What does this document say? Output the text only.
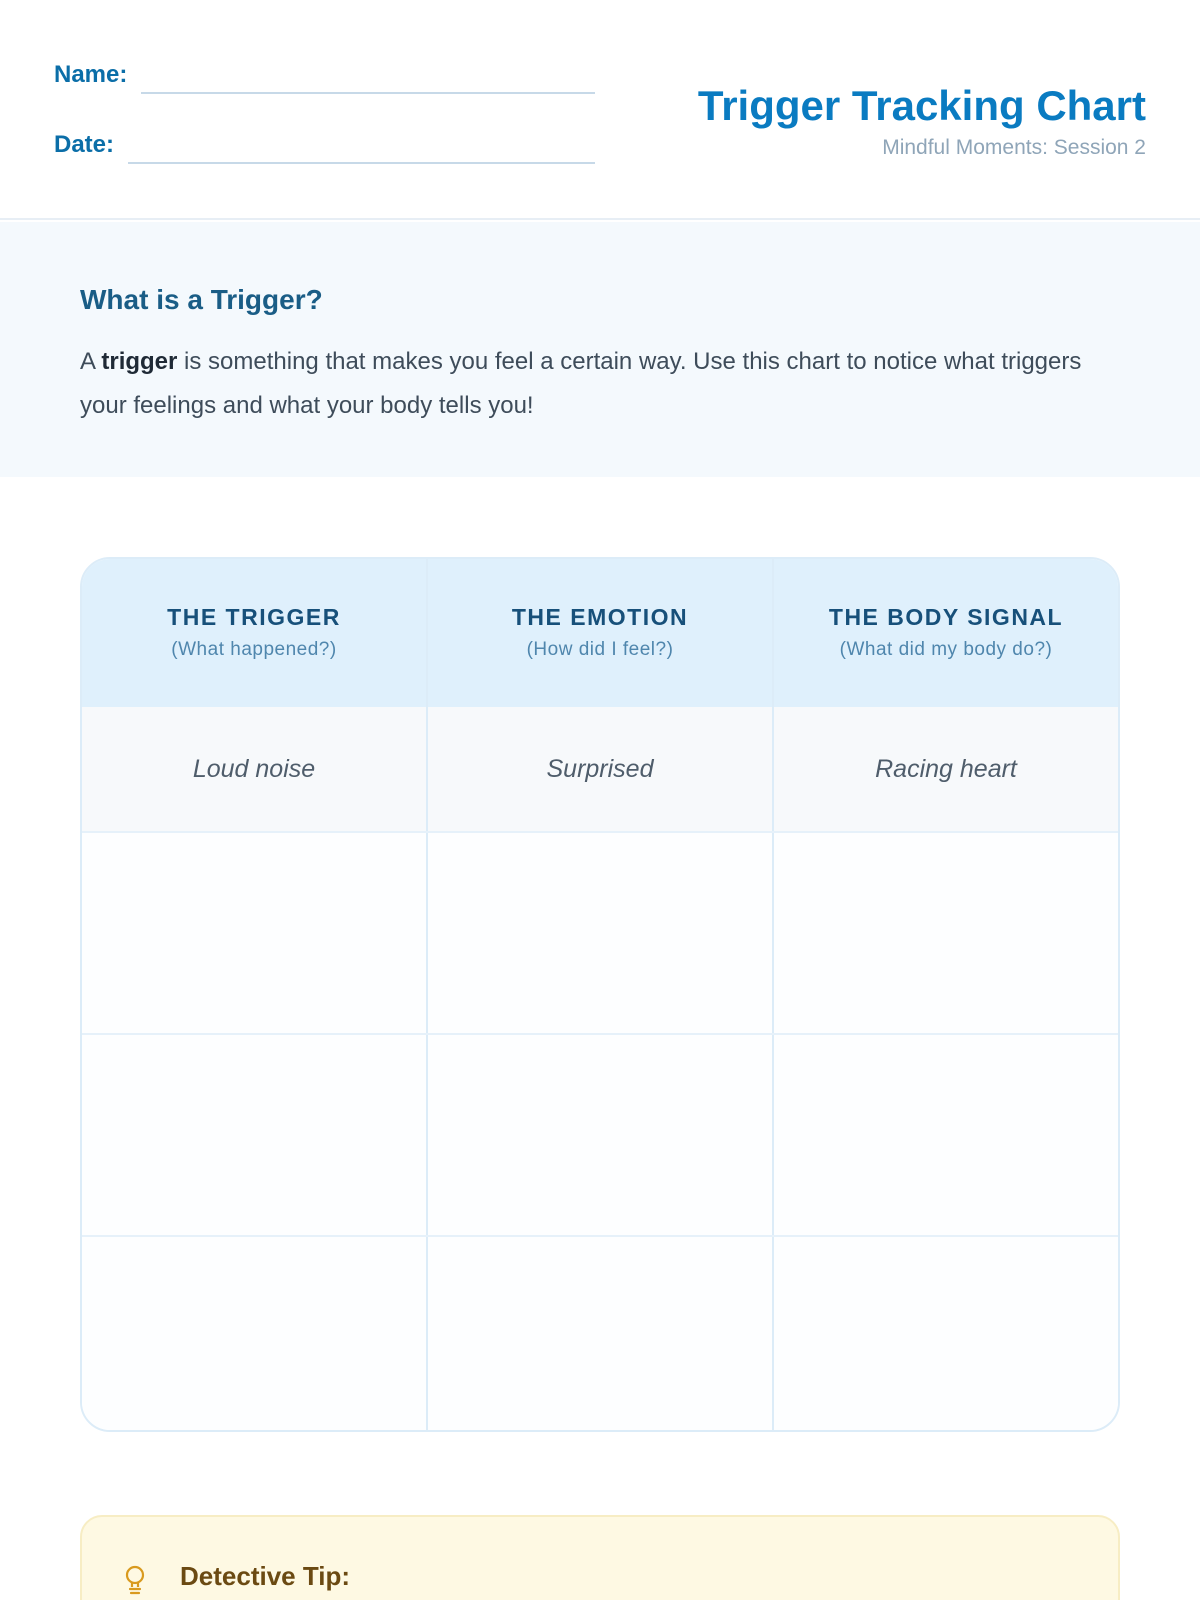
Name:
Date:
Trigger Tracking Chart
Mindful Moments: Session 2
What is a Trigger?

A trigger is something that makes you feel a certain way. Use this chart to notice what triggers your feelings and what your body tells you!

THE TRIGGER
(What happened?)
THE EMOTION
(How did I feel?)
THE BODY SIGNAL
(What did my body do?)
Loud noise	Surprised	Racing heart
Detective Tip:
